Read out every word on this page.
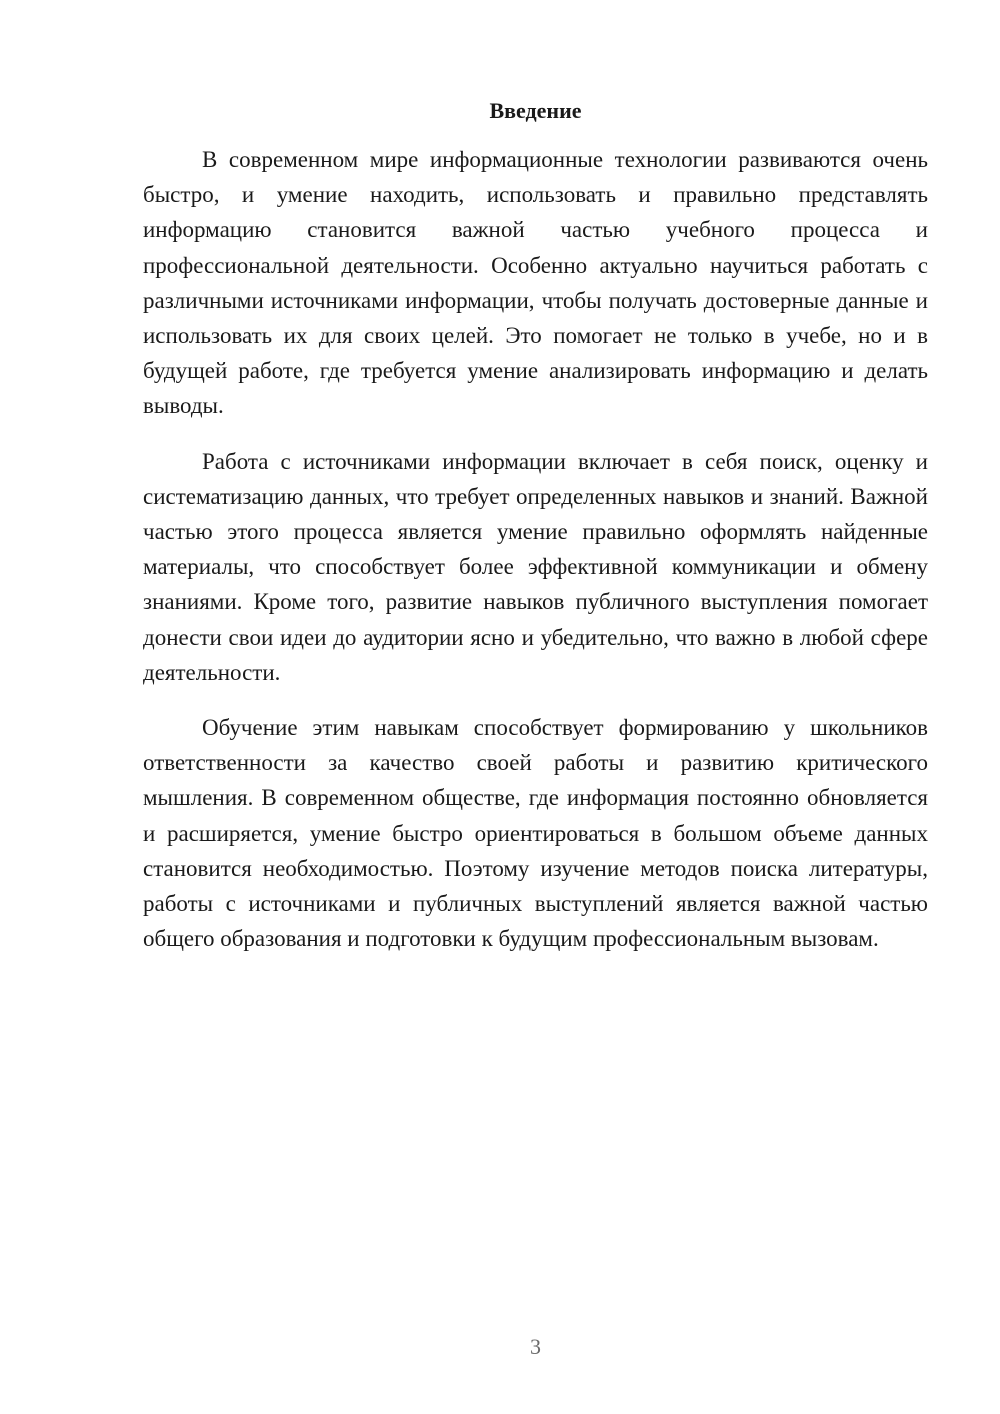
Введение

В современном мире информационные технологии развиваются очень быстро, и умение находить, использовать и правильно представлять информацию становится важной частью учебного процесса и профессиональной деятельности. Особенно актуально научиться работать с различными источниками информации, чтобы получать достоверные данные и использовать их для своих целей. Это помогает не только в учебе, но и в будущей работе, где требуется умение анализировать информацию и делать выводы.

Работа с источниками информации включает в себя поиск, оценку и систематизацию данных, что требует определенных навыков и знаний. Важной частью этого процесса является умение правильно оформлять найденные материалы, что способствует более эффективной коммуникации и обмену знаниями. Кроме того, развитие навыков публичного выступления помогает донести свои идеи до аудитории ясно и убедительно, что важно в любой сфере деятельности.

Обучение этим навыкам способствует формированию у школьников ответственности за качество своей работы и развитию критического мышления. В современном обществе, где информация постоянно обновляется и расширяется, умение быстро ориентироваться в большом объеме данных становится необходимостью. Поэтому изучение методов поиска литературы, работы с источниками и публичных выступлений является важной частью общего образования и подготовки к будущим профессиональным вызовам.

3
